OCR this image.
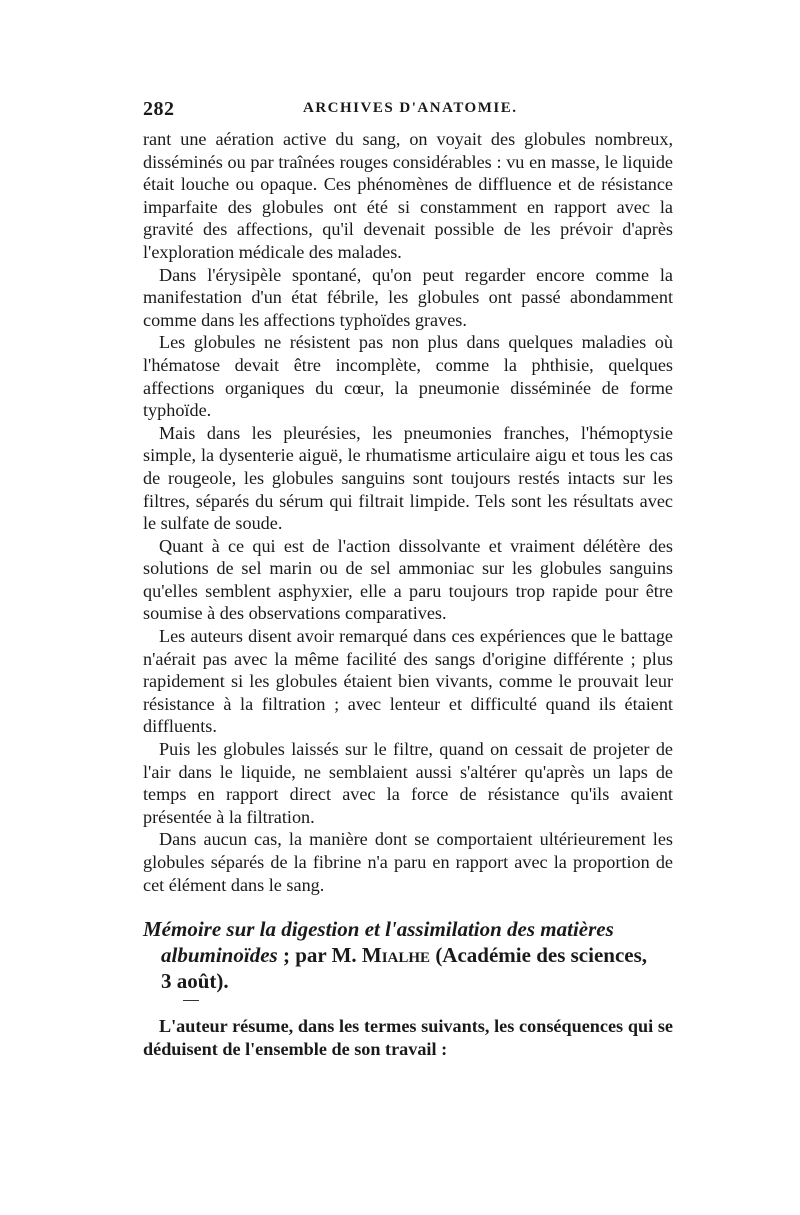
282	ARCHIVES D'ANATOMIE.

rant une aération active du sang, on voyait des globules nombreux, disséminés ou par traînées rouges considérables : vu en masse, le liquide était louche ou opaque. Ces phénomènes de diffluence et de résistance imparfaite des globules ont été si constamment en rapport avec la gravité des affections, qu'il devenait possible de les prévoir d'après l'exploration médicale des malades.

Dans l'érysipèle spontané, qu'on peut regarder encore comme la manifestation d'un état fébrile, les globules ont passé abondamment comme dans les affections typhoïdes graves.

Les globules ne résistent pas non plus dans quelques maladies où l'hématose devait être incomplète, comme la phthisie, quelques affections organiques du cœur, la pneumonie disséminée de forme typhoïde.

Mais dans les pleurésies, les pneumonies franches, l'hémoptysie simple, la dysenterie aiguë, le rhumatisme articulaire aigu et tous les cas de rougeole, les globules sanguins sont toujours restés intacts sur les filtres, séparés du sérum qui filtrait limpide. Tels sont les résultats avec le sulfate de soude.

Quant à ce qui est de l'action dissolvante et vraiment délétère des solutions de sel marin ou de sel ammoniac sur les globules sanguins qu'elles semblent asphyxier, elle a paru toujours trop rapide pour être soumise à des observations comparatives.

Les auteurs disent avoir remarqué dans ces expériences que le battage n'aérait pas avec la même facilité des sangs d'origine différente ; plus rapidement si les globules étaient bien vivants, comme le prouvait leur résistance à la filtration ; avec lenteur et difficulté quand ils étaient diffluents.

Puis les globules laissés sur le filtre, quand on cessait de projeter de l'air dans le liquide, ne semblaient aussi s'altérer qu'après un laps de temps en rapport direct avec la force de résistance qu'ils avaient présentée à la filtration.

Dans aucun cas, la manière dont se comportaient ultérieurement les globules séparés de la fibrine n'a paru en rapport avec la proportion de cet élément dans le sang.

Mémoire sur la digestion et l'assimilation des matières
albuminoïdes ; par M. Mialhe (Académie des sciences,
3 août).

L'auteur résume, dans les termes suivants, les conséquences qui se déduisent de l'ensemble de son travail :
